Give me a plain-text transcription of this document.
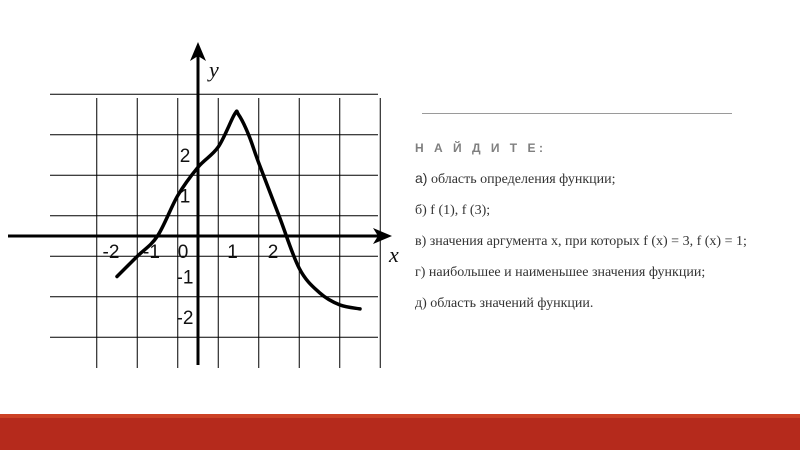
y
x
-2 -1 0 1 2
2
1
-1
-2
Н А Й Д И Т Е:
а) область определения функции;
б) f (1), f (3);
в) значения аргумента x, при которых f (x) = 3, f (x) = 1;
г) наибольшее и наименьшее значения функции;
д) область значений функции.
